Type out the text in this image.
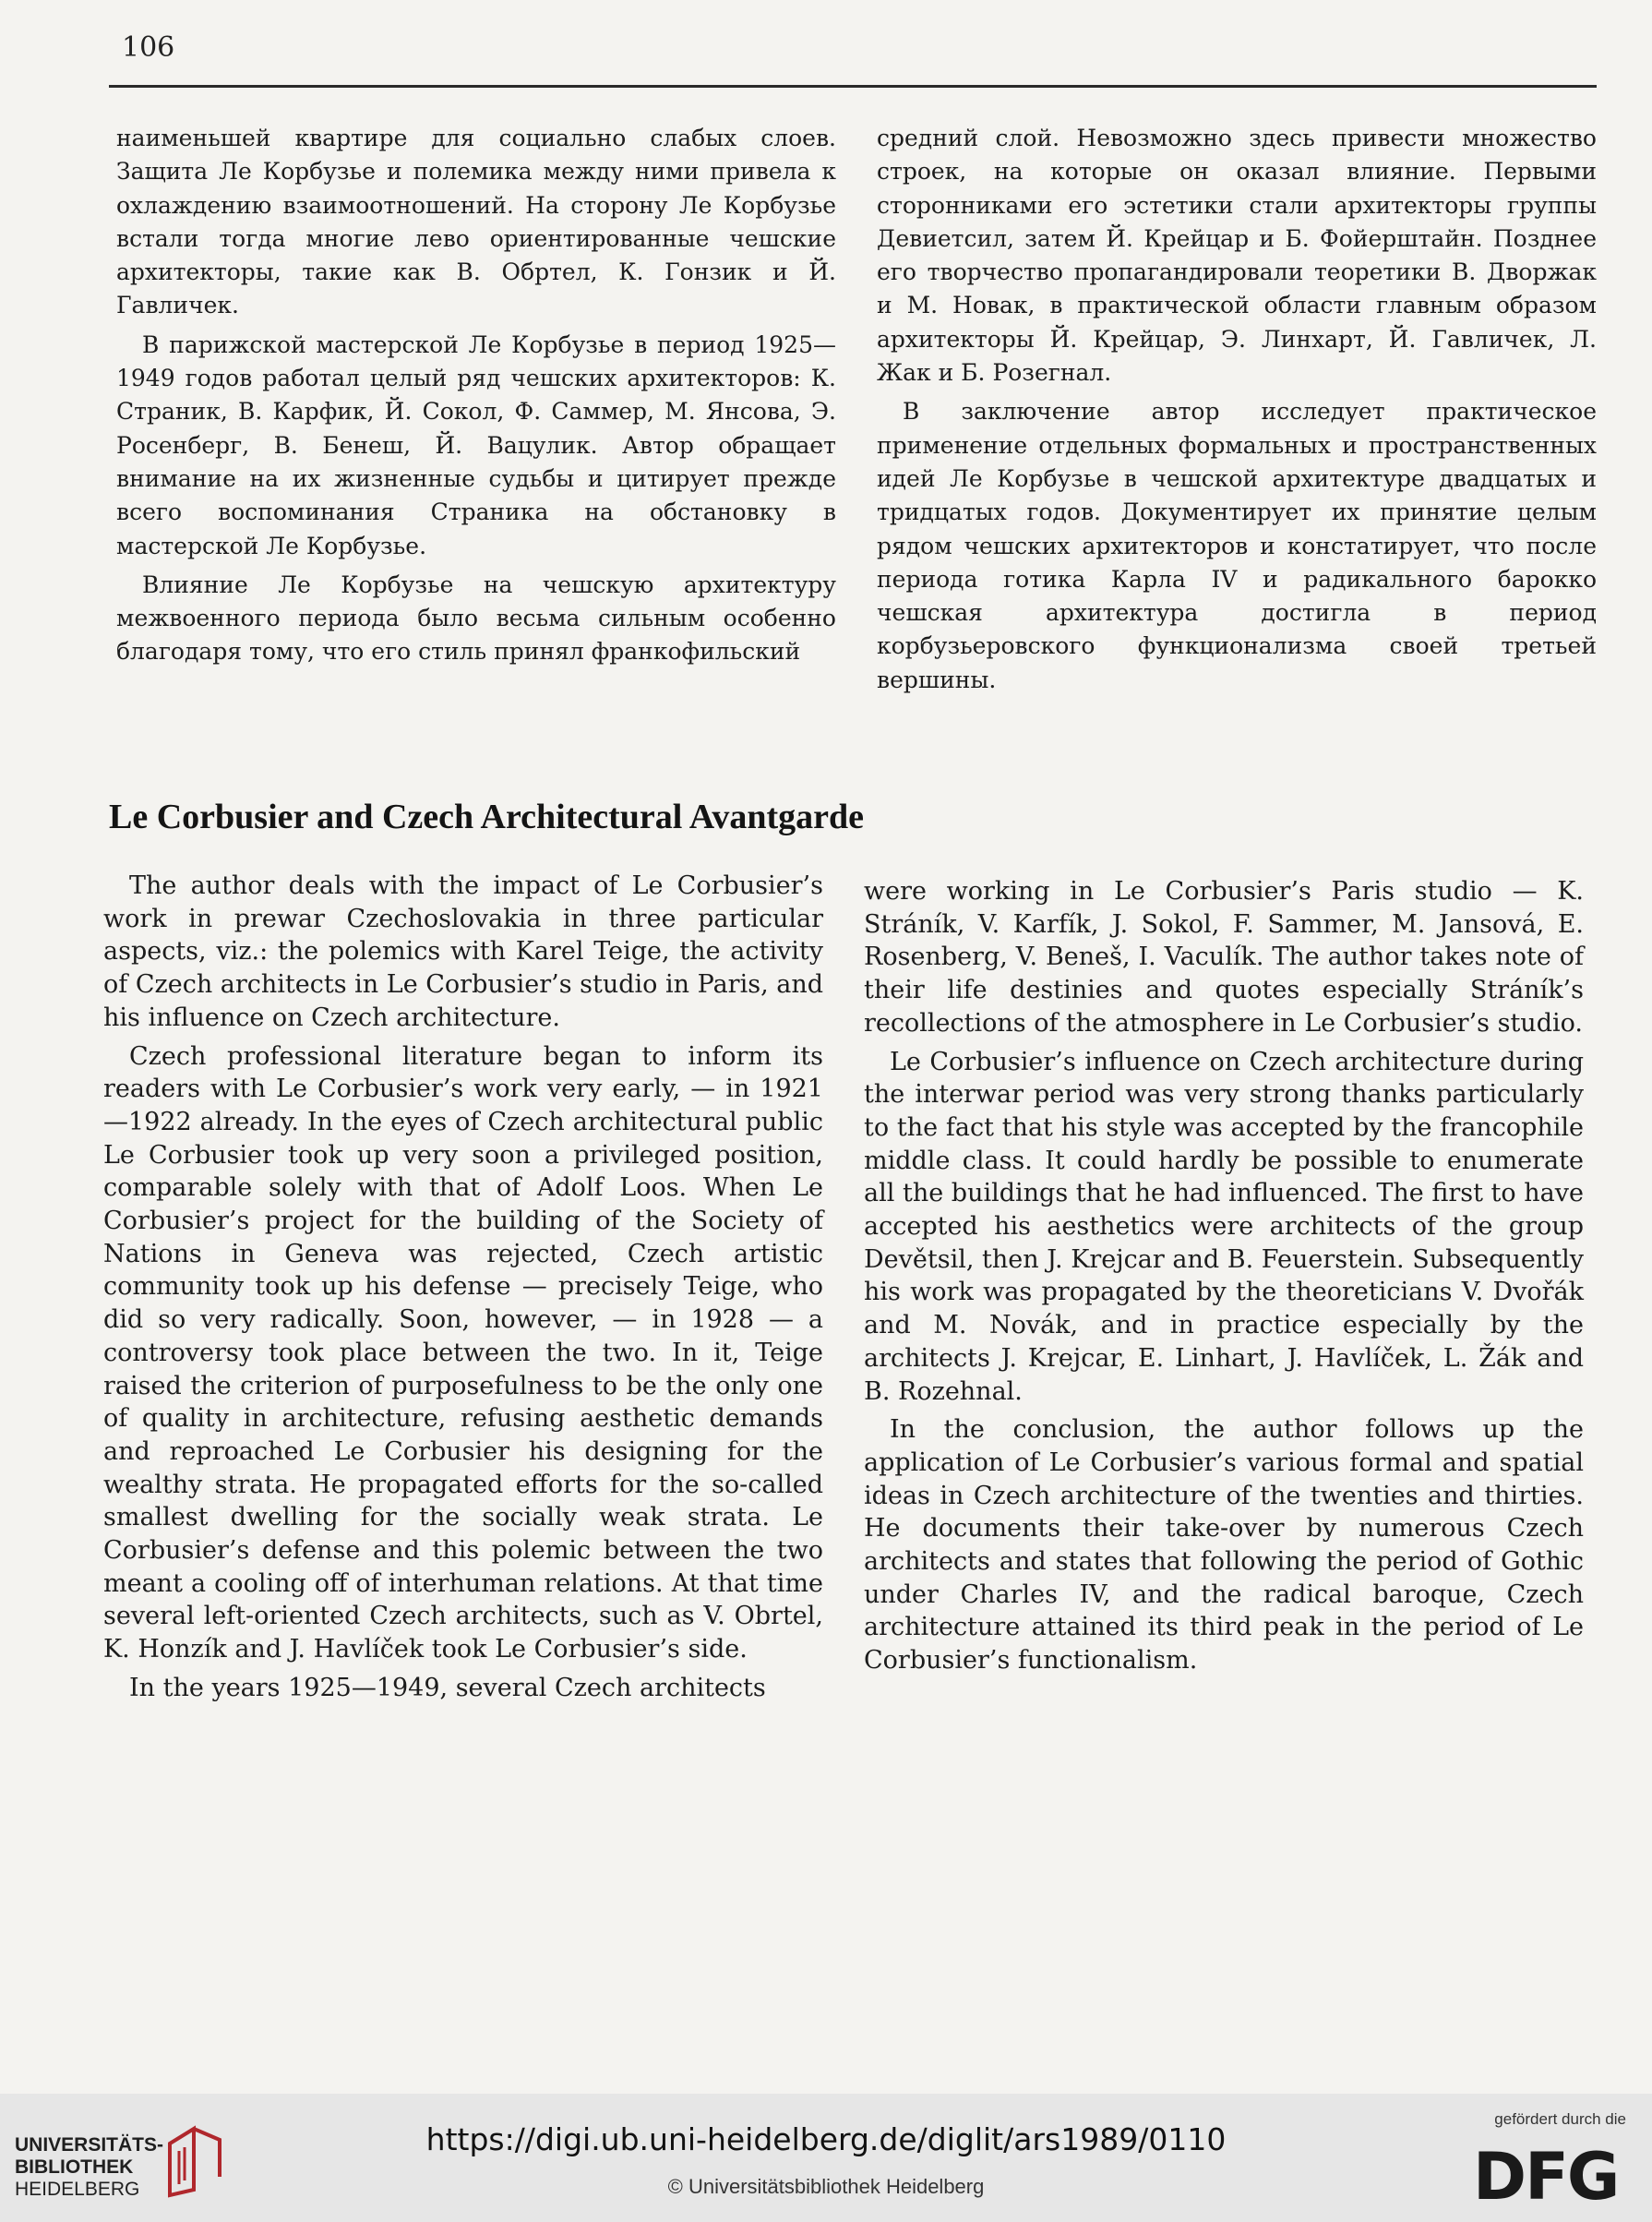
106

наименьшей квартире для социально слабых слоев. Защита Ле Корбузье и полемика между ними привела к охлаждению взаимоотношений. На сторону Ле Корбузье встали тогда многие лево ориентированные чешские архитекторы, такие как В. Обртел, К. Гонзик и Й. Гавличек.

В парижской мастерской Ле Корбузье в период 1925—1949 годов работал целый ряд чешских архитекторов: К. Страник, В. Карфик, Й. Сокол, Ф. Саммер, М. Янсова, Э. Росенберг, В. Бенеш, Й. Вацулик. Автор обращает внимание на их жизненные судьбы и цитирует прежде всего воспоминания Страника на обстановку в мастерской Ле Корбузье.

Влияние Ле Корбузье на чешскую архитектуру межвоенного периода было весьма сильным особенно благодаря тому, что его стиль принял франкофильский

средний слой. Невозможно здесь привести множество строек, на которые он оказал влияние. Первыми сторонниками его эстетики стали архитекторы группы Девиетсил, затем Й. Крейцар и Б. Фойерштайн. Позднее его творчество пропагандировали теоретики В. Дворжак и М. Новак, в практической области главным образом архитекторы Й. Крейцар, Э. Линхарт, Й. Гавличек, Л. Жак и Б. Розегнал.

В заключение автор исследует практическое применение отдельных формальных и пространственных идей Ле Корбузье в чешской архитектуре двадцатых и тридцатых годов. Документирует их принятие целым рядом чешских архитекторов и констатирует, что после периода готика Карла IV и радикального барокко чешская архитектура достигла в период корбузьеровского функционализма своей третьей вершины.

Le Corbusier and Czech Architectural Avantgarde

The author deals with the impact of Le Corbusier’s work in prewar Czechoslovakia in three particular aspects, viz.: the polemics with Karel Teige, the activity of Czech architects in Le Corbusier’s studio in Paris, and his influence on Czech architecture.

Czech professional literature began to inform its readers with Le Corbusier’s work very early, — in 1921—1922 already. In the eyes of Czech architectural public Le Corbusier took up very soon a privileged position, comparable solely with that of Adolf Loos. When Le Corbusier’s project for the building of the Society of Nations in Geneva was rejected, Czech artistic community took up his defense — precisely Teige, who did so very radically. Soon, however, — in 1928 — a controversy took place between the two. In it, Teige raised the criterion of purposefulness to be the only one of quality in architecture, refusing aesthetic demands and reproached Le Corbusier his designing for the wealthy strata. He propagated efforts for the so-called smallest dwelling for the socially weak strata. Le Corbusier’s defense and this polemic between the two meant a cooling off of interhuman relations. At that time several left-oriented Czech architects, such as V. Obrtel, K. Honzík and J. Havlíček took Le Corbusier’s side.

In the years 1925—1949, several Czech architects

were working in Le Corbusier’s Paris studio — K. Stráník, V. Karfík, J. Sokol, F. Sammer, M. Jansová, E. Rosenberg, V. Beneš, I. Vaculík. The author takes note of their life destinies and quotes especially Stráník’s recollections of the atmosphere in Le Corbusier’s studio.

Le Corbusier’s influence on Czech architecture during the interwar period was very strong thanks particularly to the fact that his style was accepted by the francophile middle class. It could hardly be possible to enumerate all the buildings that he had influenced. The first to have accepted his aesthetics were architects of the group Devětsil, then J. Krejcar and B. Feuerstein. Subsequently his work was propagated by the theoreticians V. Dvořák and M. Novák, and in practice especially by the architects J. Krejcar, E. Linhart, J. Havlíček, L. Žák and B. Rozehnal.

In the conclusion, the author follows up the application of Le Corbusier’s various formal and spatial ideas in Czech architecture of the twenties and thirties. He documents their take-over by numerous Czech architects and states that following the period of Gothic under Charles IV, and the radical baroque, Czech architecture attained its third peak in the period of Le Corbusier’s functionalism.

UNIVERSITÄTS-
BIBLIOTHEK
HEIDELBERG
https://digi.ub.uni-heidelberg.de/diglit/ars1989/0110
© Universitätsbibliothek Heidelberg
gefördert durch die
DFG
